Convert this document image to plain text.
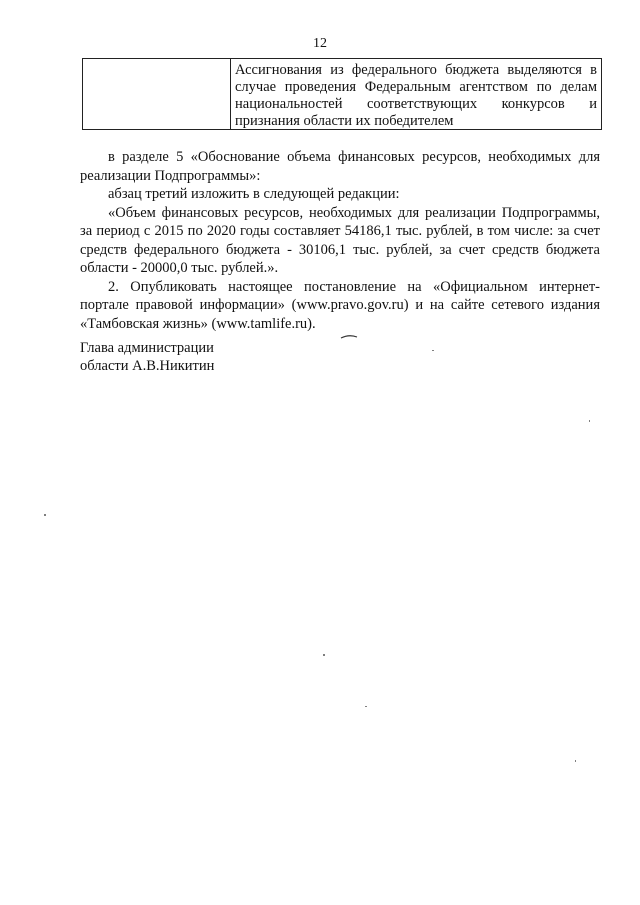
12
Ассигнования из федерального бюджета выделяются в случае проведения Федеральным агентством по делам национальностей соответствующих конкурсов и признания области их победителем

в разделе 5 «Обоснование объема финансовых ресурсов, необходимых для реализации Подпрограммы»:

абзац третий изложить в следующей редакции:

«Объем финансовых ресурсов, необходимых для реализации Подпрограммы, за период с 2015 по 2020 годы составляет 54186,1 тыс. рублей, в том числе: за счет средств федерального бюджета - 30106,1 тыс. рублей, за счет средств бюджета области - 20000,0 тыс. рублей.».

2. Опубликовать настоящее постановление на «Официальном интернет-портале правовой информации» (www.pravo.gov.ru) и на сайте сетевого издания «Тамбовская жизнь» (www.tamlife.ru).

Глава администрации
области А.В.Никитин
